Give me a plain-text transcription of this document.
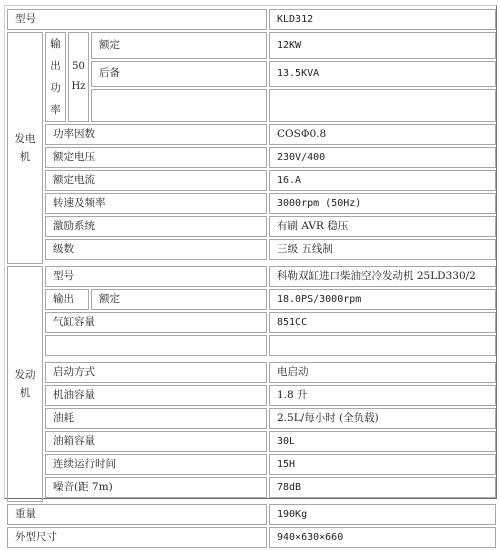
型号				KLD312
发电机	输出功率	50 Hz	额定	12KW
			后备	13.5KVA

	功率因数			COSΦ0.8
	额定电压			230V/400
	额定电流			16.A
	转速及频率			3000rpm (50Hz)
	激励系统			有刷 AVR 稳压
	级数			三级 五线制

发动机	型号			科勒双缸进口柴油空冷发动机 25LD330/2
	输出		额定	18.0PS/3000rpm
	气缸容量			851CC

	启动方式			电启动
	机油容量			1.8 升
	油耗			2.5L/每小时 (全负载)
	油箱容量			30L
	连续运行时间			15H
	噪音(距 7m)			78dB

重量				190Kg
外型尺寸				940×630×660
